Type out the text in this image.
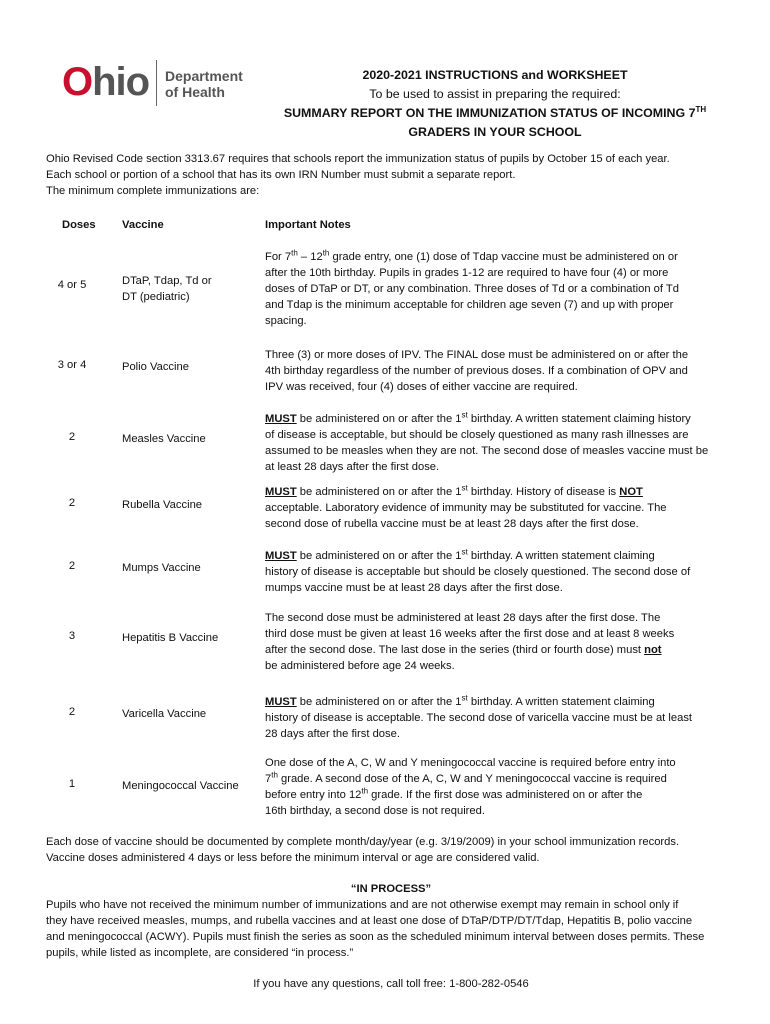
Ohio Department
of Health
2020-2021 INSTRUCTIONS and WORKSHEET
To be used to assist in preparing the required:
SUMMARY REPORT ON THE IMMUNIZATION STATUS OF INCOMING 7TH
GRADERS IN YOUR SCHOOL
Ohio Revised Code section 3313.67 requires that schools report the immunization status of pupils by October 15 of each year.
Each school or portion of a school that has its own IRN Number must submit a separate report.
The minimum complete immunizations are:
Doses Vaccine	Important Notes
4 or 5	DTaP, Tdap, Td or
DT (pediatric)
For 7th – 12th grade entry, one (1) dose of Tdap vaccine must be administered on or
after the 10th birthday. Pupils in grades 1-12 are required to have four (4) or more
doses of DTaP or DT, or any combination. Three doses of Td or a combination of Td
and Tdap is the minimum acceptable for children age seven (7) and up with proper
spacing.
3 or 4	Polio Vaccine
Three (3) or more doses of IPV. The FINAL dose must be administered on or after the
4th birthday regardless of the number of previous doses. If a combination of OPV and
IPV was received, four (4) doses of either vaccine are required.
2	Measles Vaccine
MUST be administered on or after the 1st birthday. A written statement claiming history
of disease is acceptable, but should be closely questioned as many rash illnesses are
assumed to be measles when they are not. The second dose of measles vaccine must be
at least 28 days after the first dose.
2	Rubella Vaccine
MUST be administered on or after the 1st birthday. History of disease is NOT
acceptable. Laboratory evidence of immunity may be substituted for vaccine. The
second dose of rubella vaccine must be at least 28 days after the first dose.
2	Mumps Vaccine
MUST be administered on or after the 1st birthday. A written statement claiming
history of disease is acceptable but should be closely questioned. The second dose of
mumps vaccine must be at least 28 days after the first dose.
3	Hepatitis B Vaccine
The second dose must be administered at least 28 days after the first dose. The
third dose must be given at least 16 weeks after the first dose and at least 8 weeks
after the second dose. The last dose in the series (third or fourth dose) must not
be administered before age 24 weeks.
2	Varicella Vaccine
MUST be administered on or after the 1st birthday. A written statement claiming
history of disease is acceptable. The second dose of varicella vaccine must be at least
28 days after the first dose.
1	Meningococcal Vaccine
One dose of the A, C, W and Y meningococcal vaccine is required before entry into
7th grade. A second dose of the A, C, W and Y meningococcal vaccine is required
before entry into 12th grade. If the first dose was administered on or after the
16th birthday, a second dose is not required.
Each dose of vaccine should be documented by complete month/day/year (e.g. 3/19/2009) in your school immunization records.
Vaccine doses administered 4 days or less before the minimum interval or age are considered valid.
“IN PROCESS”
Pupils who have not received the minimum number of immunizations and are not otherwise exempt may remain in school only if
they have received measles, mumps, and rubella vaccines and at least one dose of DTaP/DTP/DT/Tdap, Hepatitis B, polio vaccine
and meningococcal (ACWY). Pupils must finish the series as soon as the scheduled minimum interval between doses permits. These
pupils, while listed as incomplete, are considered “in process.”
If you have any questions, call toll free: 1-800-282-0546
